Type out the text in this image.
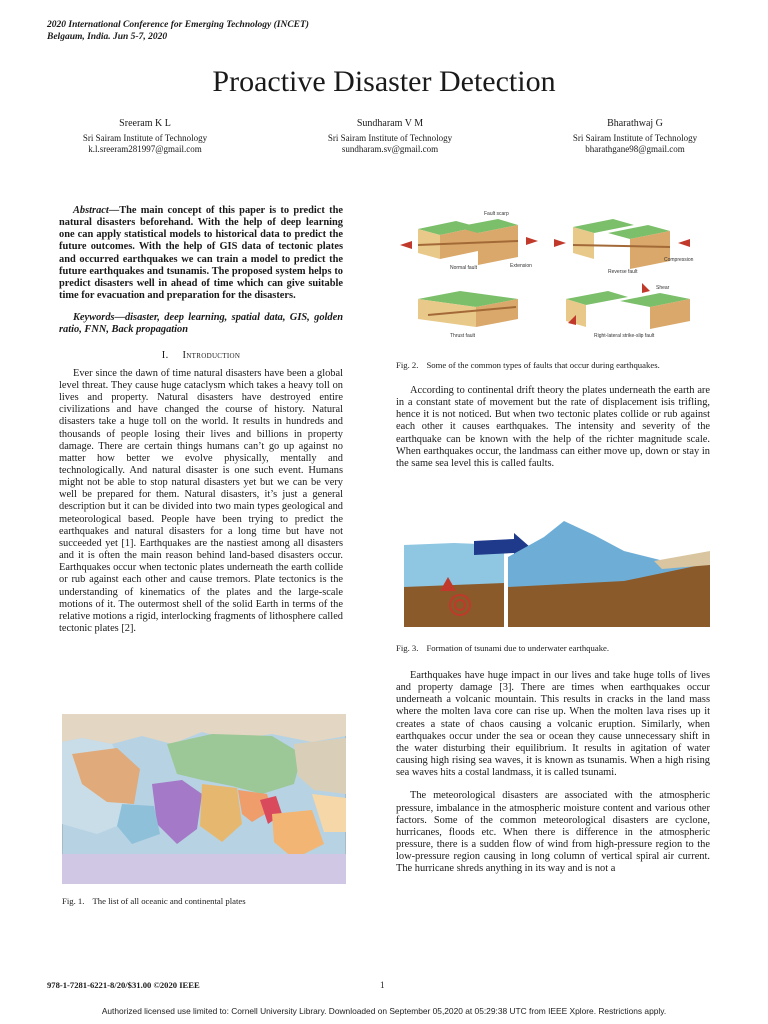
2020 International Conference for Emerging Technology (INCET)
Belgaum, India. Jun 5-7, 2020
Proactive Disaster Detection
Sreeram K L
Sri Sairam Institute of Technology
k.l.sreeram281997@gmail.com
Sundharam V M
Sri Sairam Institute of Technology
sundharam.sv@gmail.com
Bharathwaj G
Sri Sairam Institute of Technology
bharathgane98@gmail.com

Abstract—The main concept of this paper is to predict the natural disasters beforehand. With the help of deep learning one can apply statistical models to historical data to predict the future outcomes. With the help of GIS data of tectonic plates and occurred earthquakes we can train a model to predict the future earthquakes and tsunamis. The proposed system helps to predict disasters well in ahead of time which can give suitable time for evacuation and preparation for the disasters.

Keywords—disaster, deep learning, spatial data, GIS, golden ratio, FNN, Back propagation

I. Introduction

Ever since the dawn of time natural disasters have been a global level threat. They cause huge cataclysm which takes a heavy toll on lives and property. Natural disasters have destroyed entire civilizations and have changed the course of history. Natural disasters take a huge toll on the world. It results in hundreds and thousands of people losing their lives and billions in property damage. There are certain things humans can’t go up against no matter how better we evolve physically, mentally and technologically. And natural disaster is one such event. Humans might not be able to stop natural disasters yet but we can be very well be prepared for them. Natural disasters, it’s just a general description but it can be divided into two main types geological and meteorological based. People have been trying to predict the earthquakes and natural disasters for a long time but have not succeeded yet [1]. Earthquakes are the nastiest among all disasters and it is often the main reason behind land-based disasters occur. Earthquakes occur when tectonic plates underneath the earth collide or rub against each other and cause tremors. Plate tectonics is the understanding of kinematics of the plates and the large-scale motions of it. The outermost shell of the solid Earth in terms of the relative motions a rigid, interlocking fragments of lithosphere called tectonic plates [2].

Fig. 1. The list of all oceanic and continental plates
Fault scarp
Extension
Compression
Shear
Normal fault
Reverse fault
Thrust fault	Right-lateral strike-slip fault
Fig. 2. Some of the common types of faults that occur during earthquakes.

According to continental drift theory the plates underneath the earth are in a constant state of movement but the rate of displacement isis trifling, hence it is not noticed. But when two tectonic plates collide or rub against each other it causes earthquakes. The intensity and severity of the earthquake can be known with the help of the richter magnitude scale. When earthquakes occur, the landmass can either move up, down or stay in the same sea level this is called faults.

Fig. 3. Formation of tsunami due to underwater earthquake.

Earthquakes have huge impact in our lives and take huge tolls of lives and property damage [3]. There are times when earthquakes occur underneath a volcanic mountain. This results in cracks in the land mass where the molten lava core can rise up. When the molten lava rises up it creates a state of chaos causing a volcanic eruption. Similarly, when earthquakes occur under the sea or ocean they cause unnecessary shift in the water disturbing their equilibrium. It results in agitation of water causing high rising sea waves, it is known as tsunamis. When a high rising sea waves hits a costal landmass, it is called tsunami.

The meteorological disasters are associated with the atmospheric pressure, imbalance in the atmospheric moisture content and various other factors. Some of the common meteorological disasters are cyclone, hurricanes, floods etc. When there is difference in the atmospheric pressure, there is a sudden flow of wind from high-pressure region to the low-pressure region causing in long column of vertical spiral air current. The hurricane shreds anything in its way and is not a

978-1-7281-6221-8/20/$31.00 ©2020 IEEE	1
Authorized licensed use limited to: Cornell University Library. Downloaded on September 05,2020 at 05:29:38 UTC from IEEE Xplore. Restrictions apply.
